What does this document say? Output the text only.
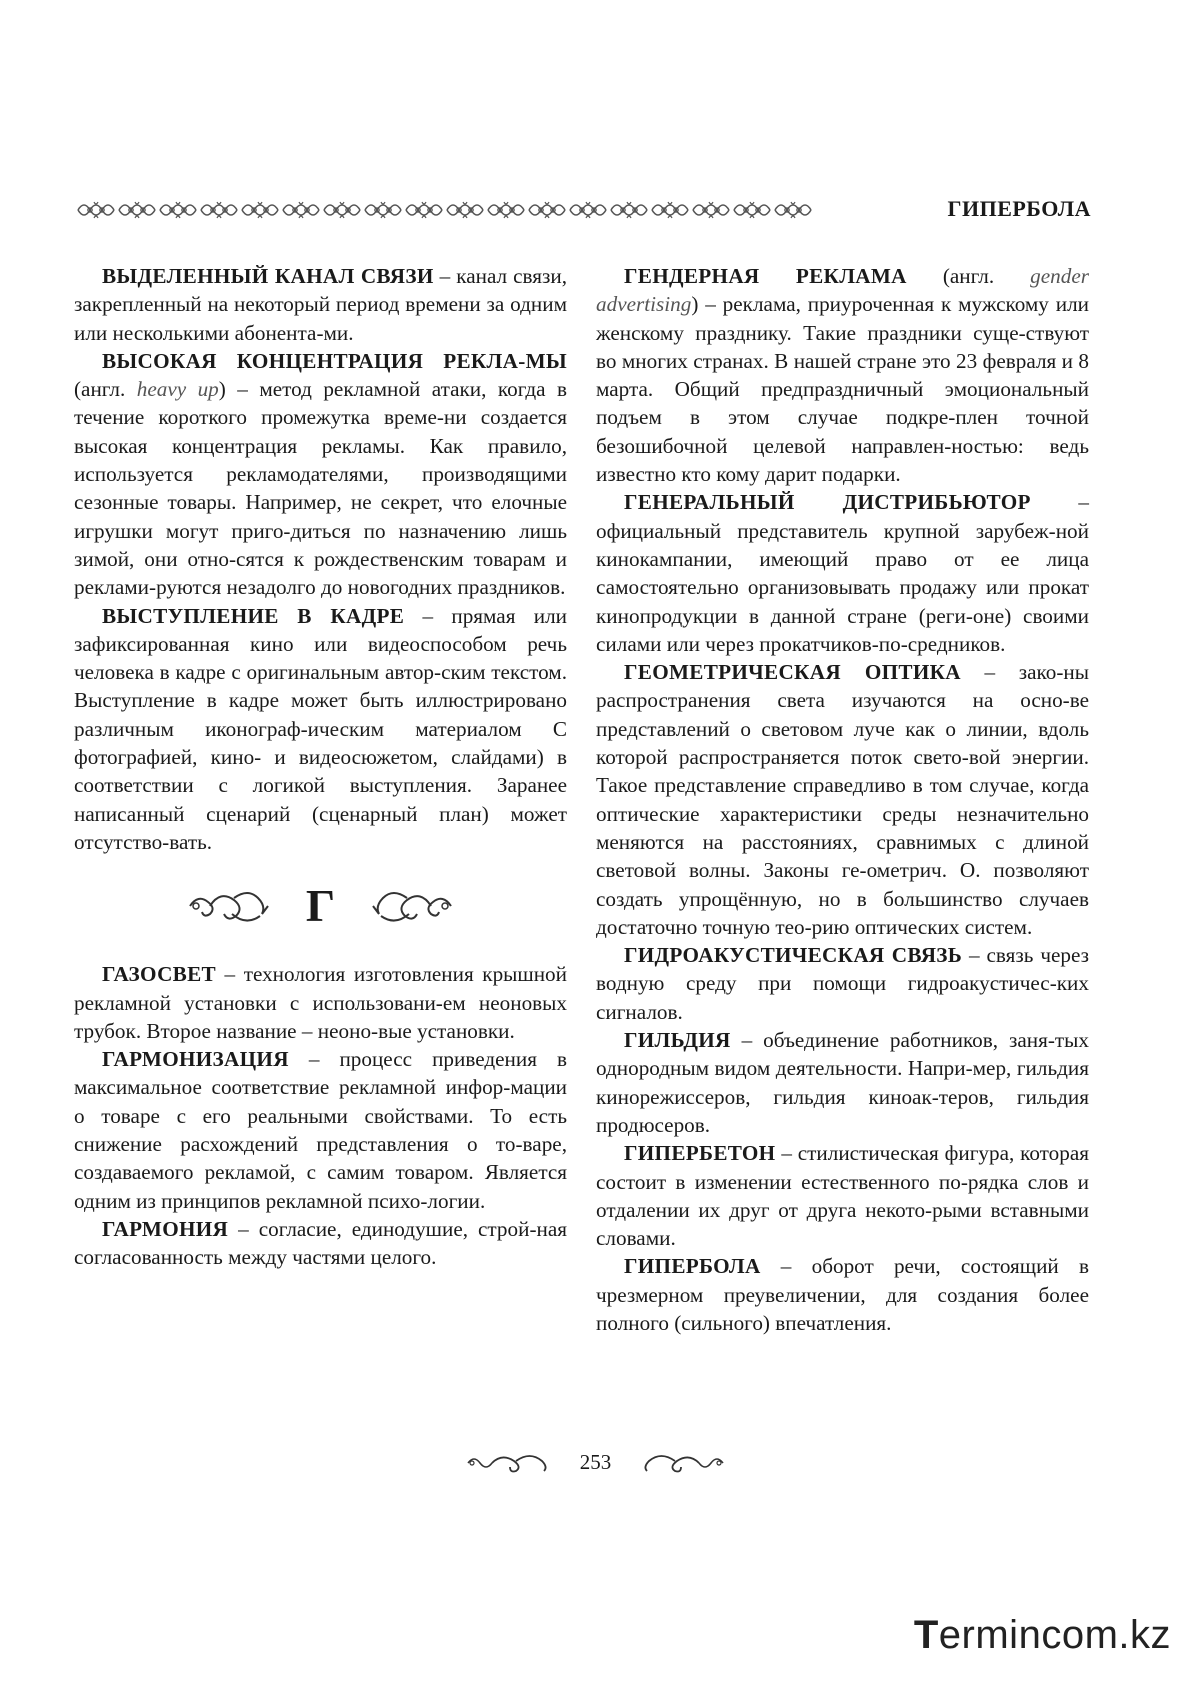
ГИПЕРБОЛА

ВЫДЕЛЕННЫЙ КАНАЛ СВЯЗИ – канал связи, закрепленный на некоторый период времени за одним или несколькими абонента-ми.

ВЫСОКАЯ КОНЦЕНТРАЦИЯ РЕКЛА-МЫ (англ. heavy up) – метод рекламной атаки, когда в течение короткого промежутка време-ни создается высокая концентрация рекламы. Как правило, используется рекламодателями, производящими сезонные товары. Например, не секрет, что елочные игрушки могут приго-диться по назначению лишь зимой, они отно-сятся к рождественским товарам и реклами-руются незадолго до новогодних праздников.

ВЫСТУПЛЕНИЕ В КАДРЕ – прямая или зафиксированная кино или видеоспособом речь человека в кадре с оригинальным автор-ским текстом. Выступление в кадре может быть иллюстрировано различным иконограф-ическим материалом С фотографией, кино- и видеосюжетом, слайдами) в соответствии с логикой выступления. Заранее написанный сценарий (сценарный план) может отсутство-вать.

Г

ГАЗОСВЕТ – технология изготовления крышной рекламной установки с использовани-ем неоновых трубок. Второе название – неоно-вые установки.

ГАРМОНИЗАЦИЯ – процесс приведения в максимальное соответствие рекламной инфор-мации о товаре с его реальными свойствами. То есть снижение расхождений представления о то-варе, создаваемого рекламой, с самим товаром. Является одним из принципов рекламной психо-логии.

ГАРМОНИЯ – согласие, единодушие, строй-ная согласованность между частями целого.

ГЕНДЕРНАЯ РЕКЛАМА (англ. gender advertising) – реклама, приуроченная к мужскому или женскому празднику. Такие праздники суще-ствуют во многих странах. В нашей стране это 23 февраля и 8 марта. Общий предпраздничный эмоциональный подъем в этом случае подкре-плен точной безошибочной целевой направлен-ностью: ведь известно кто кому дарит подарки.

ГЕНЕРАЛЬНЫЙ ДИСТРИБЬЮТОР – официальный представитель крупной зарубеж-ной кинокампании, имеющий право от ее лица самостоятельно организовывать продажу или прокат кинопродукции в данной стране (реги-оне) своими силами или через прокатчиков-по-средников.

ГЕОМЕТРИЧЕСКАЯ ОПТИКА – зако-ны распространения света изучаются на осно-ве представлений о световом луче как о линии, вдоль которой распространяется поток свето-вой энергии. Такое представление справедливо в том случае, когда оптические характеристики среды незначительно меняются на расстояниях, сравнимых с длиной световой волны. Законы ге-ометрич. О. позволяют создать упрощённую, но в большинство случаев достаточно точную тео-рию оптических систем.

ГИДРОАКУСТИЧЕСКАЯ СВЯЗЬ – связь через водную среду при помощи гидроакустичес-ких сигналов.

ГИЛЬДИЯ – объединение работников, заня-тых однородным видом деятельности. Напри-мер, гильдия кинорежиссеров, гильдия киноак-теров, гильдия продюсеров.

ГИПЕРБЕТОН – стилистическая фигура, которая состоит в изменении естественного по-рядка слов и отдалении их друг от друга некото-рыми вставными словами.

ГИПЕРБОЛА – оборот речи, состоящий в чрезмерном преувеличении, для создания более полного (сильного) впечатления.

253
Termincom.kz
